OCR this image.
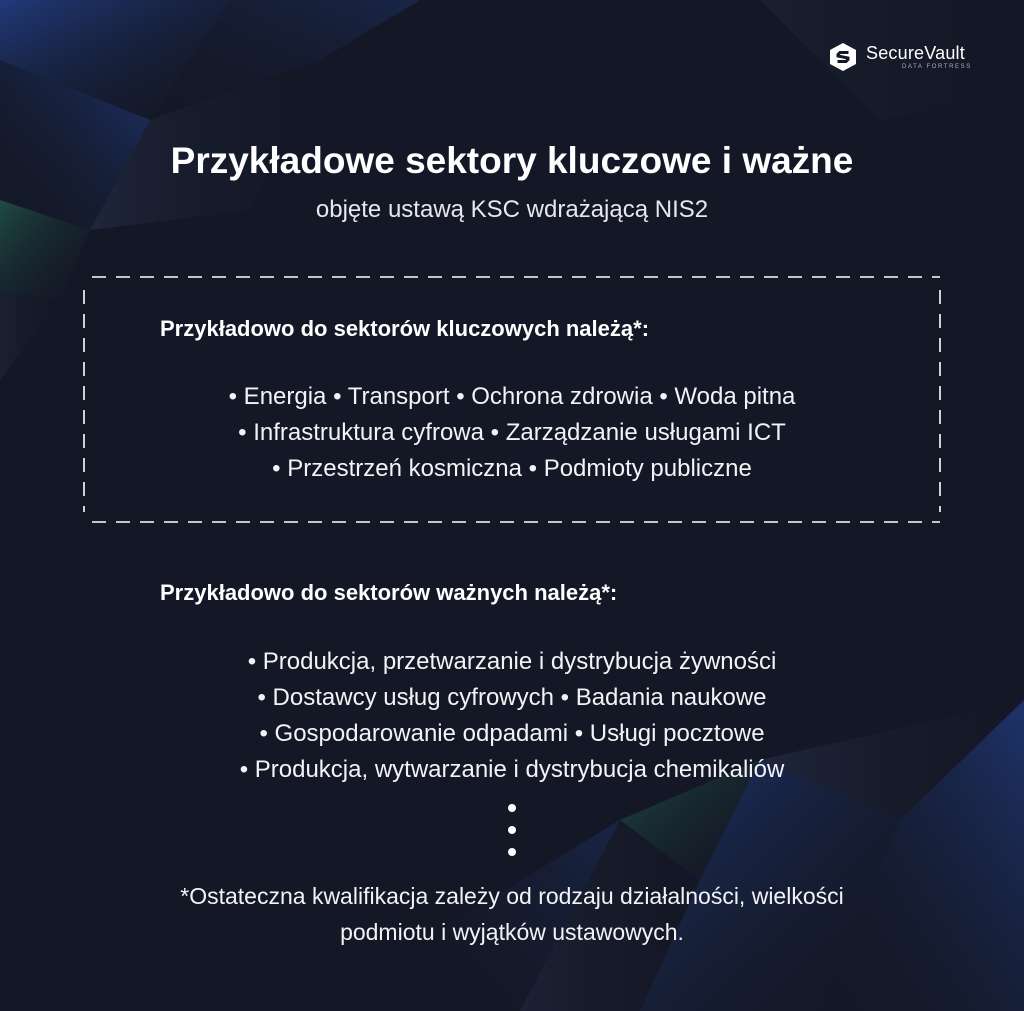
SecureVault
DATA FORTRESS
Przykładowe sektory kluczowe i ważne
objęte ustawą KSC wdrażającą NIS2
Przykładowo do sektorów kluczowych należą*:
• Energia • Transport • Ochrona zdrowia • Woda pitna
• Infrastruktura cyfrowa • Zarządzanie usługami ICT
• Przestrzeń kosmiczna • Podmioty publiczne
Przykładowo do sektorów ważnych należą*:
• Produkcja, przetwarzanie i dystrybucja żywności
• Dostawcy usług cyfrowych • Badania naukowe
• Gospodarowanie odpadami • Usługi pocztowe
• Produkcja, wytwarzanie i dystrybucja chemikaliów
*Ostateczna kwalifikacja zależy od rodzaju działalności, wielkości
podmiotu i wyjątków ustawowych.
